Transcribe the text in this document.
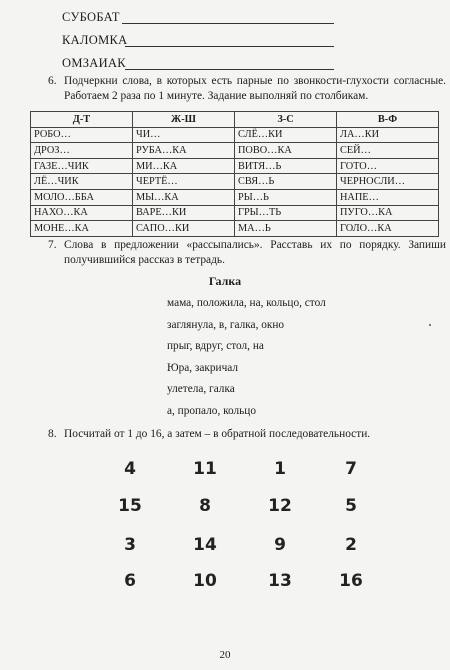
СУБОБАТ
КАЛОМКА
ОМЗАИАК
6. Подчеркни слова, в которых есть парные по звонкости-глухости согласные. Работаем 2 раза по 1 минуте. Задание выполняй по столбикам.
Д-Т	Ж-Ш	З-С	В-Ф
РОБО…	ЧИ…	СЛЁ…КИ	ЛА…КИ
ДРОЗ…	РУБА…КА	ПОВО…КА	СЕЙ…
ГАЗЕ…ЧИК	МИ…КА	ВИТЯ…Ь	ГОТО…
ЛЁ…ЧИК	ЧЕРТЁ…	СВЯ…Ь	ЧЕРНОСЛИ…
МОЛО…ББА	МЫ…КА	РЫ…Ь	НАПЕ…
НАХО…КА	ВАРЕ…КИ	ГРЫ…ТЬ	ПУГО…КА
МОНЕ…КА	САПО…КИ	МА…Ь	ГОЛО…КА
7. Слова в предложении «рассыпались». Расставь их по порядку. Запиши получившийся рассказ в тетрадь.
Галка
мама, положила, на, кольцо, стол
заглянула, в, галка, окно
прыг, вдруг, стол, на
Юра, закричал
улетела, галка
а, пропало, кольцо
8. Посчитай от 1 до 16, а затем – в обратной последовательности.
4	11	1	7
15	8	12	5
3	14	9	2
6	10	13	16
20
